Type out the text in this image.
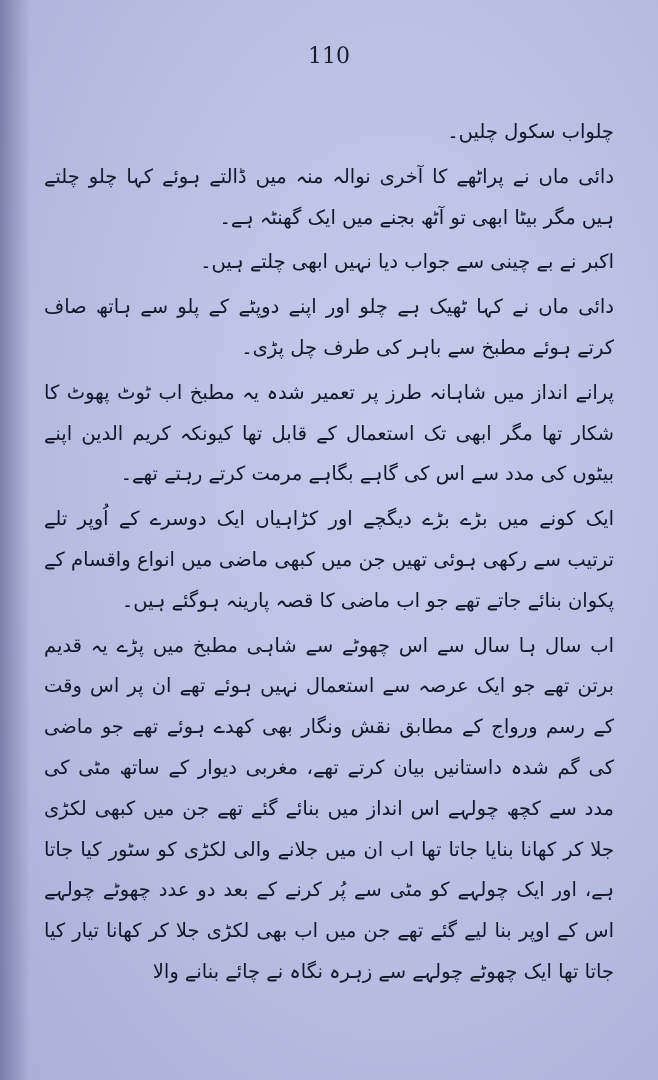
110

چلواب سکول چلیں۔

دائی ماں نے پراٹھے کا آخری نوالہ منہ میں ڈالتے ہوئے کہا چلو چلتے ہیں مگر بیٹا ابھی تو آٹھ بجنے میں ایک گھنٹہ ہے۔

اکبر نے بے چینی سے جواب دیا نہیں ابھی چلتے ہیں۔

دائی ماں نے کہا ٹھیک ہے چلو اور اپنے دوپٹے کے پلو سے ہاتھ صاف کرتے ہوئے مطبخ سے باہر کی طرف چل پڑی۔

پرانے انداز میں شاہانہ طرز پر تعمیر شدہ یہ مطبخ اب ٹوٹ پھوٹ کا شکار تھا مگر ابھی تک استعمال کے قابل تھا کیونکہ کریم الدین اپنے بیٹوں کی مدد سے اس کی گاہے بگاہے مرمت کرتے رہتے تھے۔

ایک کونے میں بڑے بڑے دیگچے اور کڑاہیاں ایک دوسرے کے اُوپر تلے ترتیب سے رکھی ہوئی تھیں جن میں کبھی ماضی میں انواع واقسام کے پکوان بنائے جاتے تھے جو اب ماضی کا قصہ پارینہ ہوگئے ہیں۔

اب سال ہا سال سے اس چھوٹے سے شاہی مطبخ میں پڑے یہ قدیم برتن تھے جو ایک عرصہ سے استعمال نہیں ہوئے تھے ان پر اس وقت کے رسم ورواج کے مطابق نقش ونگار بھی کھدے ہوئے تھے جو ماضی کی گم شدہ داستانیں بیان کرتے تھے، مغربی دیوار کے ساتھ مٹی کی مدد سے کچھ چولہے اس انداز میں بنائے گئے تھے جن میں کبھی لکڑی جلا کر کھانا بنایا جاتا تھا اب ان میں جلانے والی لکڑی کو سٹور کیا جاتا ہے، اور ایک چولہے کو مٹی سے پُر کرنے کے بعد دو عدد چھوٹے چولہے اس کے اوپر بنا لیے گئے تھے جن میں اب بھی لکڑی جلا کر کھانا تیار کیا جاتا تھا ایک چھوٹے چولہے سے زہرہ نگاہ نے چائے بنانے والا
